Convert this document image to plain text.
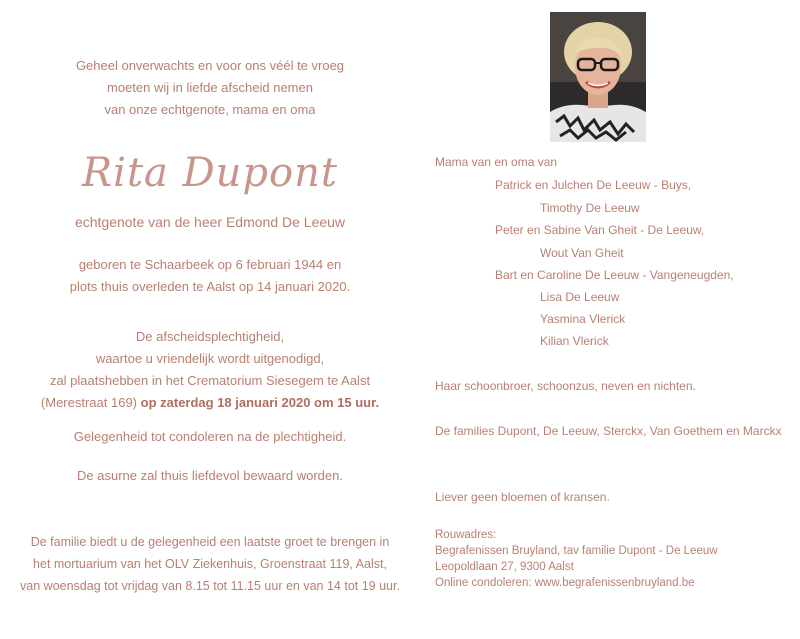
Geheel onverwachts en voor ons véél te vroeg

moeten wij in liefde afscheid nemen

van onze echtgenote, mama en oma

Rita Dupont
echtgenote van de heer Edmond De Leeuw

geboren te Schaarbeek op 6 februari 1944 en

plots thuis overleden te Aalst op 14 januari 2020.

De afscheidsplechtigheid,

waartoe u vriendelijk wordt uitgenodigd,

zal plaatshebben in het Crematorium Siesegem te Aalst

(Merestraat 169) op zaterdag 18 januari 2020 om 15 uur.

Gelegenheid tot condoleren na de plechtigheid.
De asurne zal thuis liefdevol bewaard worden.

De familie biedt u de gelegenheid een laatste groet te brengen in

het mortuarium van het OLV Ziekenhuis, Groenstraat 119, Aalst,

van woensdag tot vrijdag van 8.15 tot 11.15 uur en van 14 tot 19 uur.

Mama van en oma van
Patrick en Julchen De Leeuw - Buys,
Timothy De Leeuw
Peter en Sabine Van Gheit - De Leeuw,
Wout Van Gheit
Bart en Caroline De Leeuw - Vangeneugden,
Lisa De Leeuw
Yasmina Vlerick
Kilian Vlerick
Haar schoonbroer, schoonzus, neven en nichten.
De families Dupont, De Leeuw, Sterckx, Van Goethem en Marckx
Liever geen bloemen of kransen.
Rouwadres:
Begrafenissen Bruyland, tav familie Dupont - De Leeuw
Leopoldlaan 27, 9300 Aalst
Online condoleren: www.begrafenissenbruyland.be
